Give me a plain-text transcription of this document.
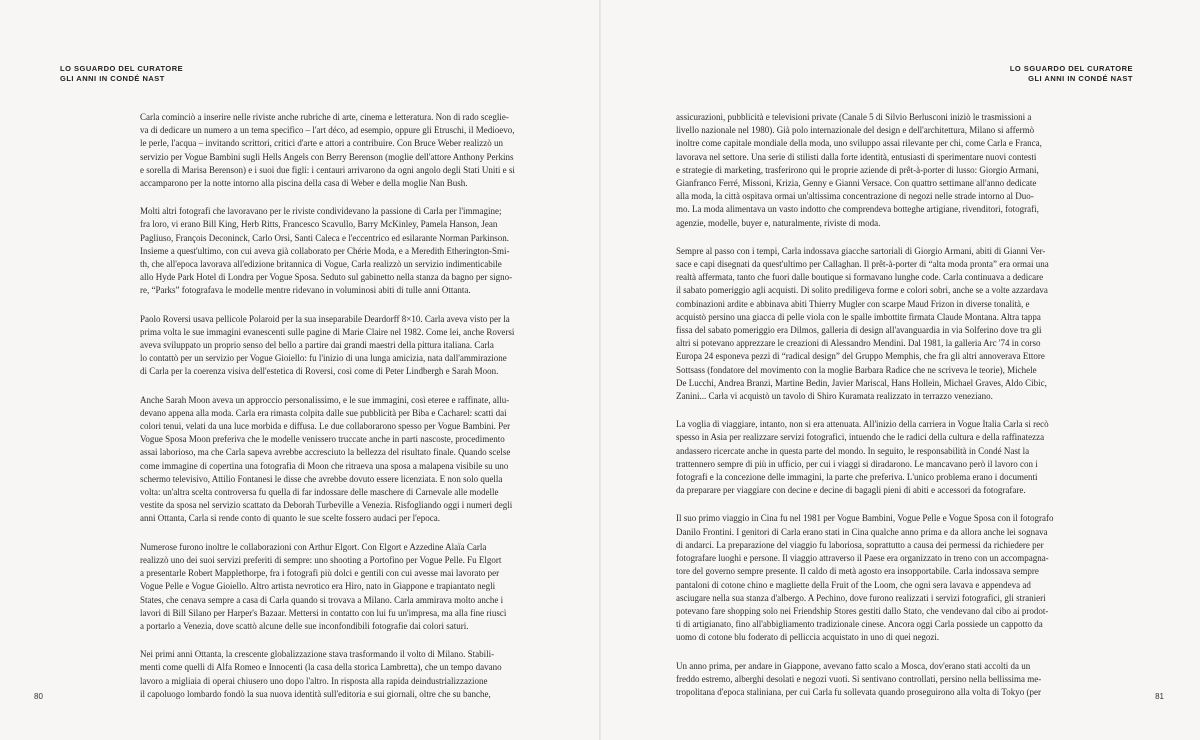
LO SGUARDO DEL CURATORE
GLI ANNI IN CONDÉ NAST

Carla cominciò a inserire nelle riviste anche rubriche di arte, cinema e letteratura. Non di rado sceglie-
va di dedicare un numero a un tema specifico – l'art déco, ad esempio, oppure gli Etruschi, il Medioevo,
le perle, l'acqua – invitando scrittori, critici d'arte e attori a contribuire. Con Bruce Weber realizzò un
servizio per Vogue Bambini sugli Hells Angels con Berry Berenson (moglie dell'attore Anthony Perkins
e sorella di Marisa Berenson) e i suoi due figli: i centauri arrivarono da ogni angolo degli Stati Uniti e si
accamparono per la notte intorno alla piscina della casa di Weber e della moglie Nan Bush.

Molti altri fotografi che lavoravano per le riviste condividevano la passione di Carla per l'immagine;
fra loro, vi erano Bill King, Herb Ritts, Francesco Scavullo, Barry McKinley, Pamela Hanson, Jean
Pagliuso, François Deconinck, Carlo Orsi, Santi Caleca e l'eccentrico ed esilarante Norman Parkinson.
Insieme a quest'ultimo, con cui aveva già collaborato per Chérie Moda, e a Meredith Etherington-Smi-
th, che all'epoca lavorava all'edizione britannica di Vogue, Carla realizzò un servizio indimenticabile
allo Hyde Park Hotel di Londra per Vogue Sposa. Seduto sul gabinetto nella stanza da bagno per signo-
re, “Parks” fotografava le modelle mentre ridevano in voluminosi abiti di tulle anni Ottanta.

Paolo Roversi usava pellicole Polaroid per la sua inseparabile Deardorff 8×10. Carla aveva visto per la
prima volta le sue immagini evanescenti sulle pagine di Marie Claire nel 1982. Come lei, anche Roversi
aveva sviluppato un proprio senso del bello a partire dai grandi maestri della pittura italiana. Carla
lo contattò per un servizio per Vogue Gioiello: fu l'inizio di una lunga amicizia, nata dall'ammirazione
di Carla per la coerenza visiva dell'estetica di Roversi, così come di Peter Lindbergh e Sarah Moon.

Anche Sarah Moon aveva un approccio personalissimo, e le sue immagini, così eteree e raffinate, allu-
devano appena alla moda. Carla era rimasta colpita dalle sue pubblicità per Biba e Cacharel: scatti dai
colori tenui, velati da una luce morbida e diffusa. Le due collaborarono spesso per Vogue Bambini. Per
Vogue Sposa Moon preferiva che le modelle venissero truccate anche in parti nascoste, procedimento
assai laborioso, ma che Carla sapeva avrebbe accresciuto la bellezza del risultato finale. Quando scelse
come immagine di copertina una fotografia di Moon che ritraeva una sposa a malapena visibile su uno
schermo televisivo, Attilio Fontanesi le disse che avrebbe dovuto essere licenziata. E non solo quella
volta: un'altra scelta controversa fu quella di far indossare delle maschere di Carnevale alle modelle
vestite da sposa nel servizio scattato da Deborah Turbeville a Venezia. Risfogliando oggi i numeri degli
anni Ottanta, Carla si rende conto di quanto le sue scelte fossero audaci per l'epoca.

Numerose furono inoltre le collaborazioni con Arthur Elgort. Con Elgort e Azzedine Alaïa Carla
realizzò uno dei suoi servizi preferiti di sempre: uno shooting a Portofino per Vogue Pelle. Fu Elgort
a presentarle Robert Mapplethorpe, fra i fotografi più dolci e gentili con cui avesse mai lavorato per
Vogue Pelle e Vogue Gioiello. Altro artista nevrotico era Hiro, nato in Giappone e trapiantato negli
States, che cenava sempre a casa di Carla quando si trovava a Milano. Carla ammirava molto anche i
lavori di Bill Silano per Harper's Bazaar. Mettersi in contatto con lui fu un'impresa, ma alla fine riuscì
a portarlo a Venezia, dove scattò alcune delle sue inconfondibili fotografie dai colori saturi.

Nei primi anni Ottanta, la crescente globalizzazione stava trasformando il volto di Milano. Stabili-
menti come quelli di Alfa Romeo e Innocenti (la casa della storica Lambretta), che un tempo davano
lavoro a migliaia di operai chiusero uno dopo l'altro. In risposta alla rapida deindustrializzazione
il capoluogo lombardo fondò la sua nuova identità sull'editoria e sui giornali, oltre che su banche,

80
LO SGUARDO DEL CURATORE
GLI ANNI IN CONDÉ NAST

assicurazioni, pubblicità e televisioni private (Canale 5 di Silvio Berlusconi iniziò le trasmissioni a
livello nazionale nel 1980). Già polo internazionale del design e dell'architettura, Milano si affermò
inoltre come capitale mondiale della moda, uno sviluppo assai rilevante per chi, come Carla e Franca,
lavorava nel settore. Una serie di stilisti dalla forte identità, entusiasti di sperimentare nuovi contesti
e strategie di marketing, trasferirono qui le proprie aziende di prêt-à-porter di lusso: Giorgio Armani,
Gianfranco Ferré, Missoni, Krizia, Genny e Gianni Versace. Con quattro settimane all'anno dedicate
alla moda, la città ospitava ormai un'altissima concentrazione di negozi nelle strade intorno al Duo-
mo. La moda alimentava un vasto indotto che comprendeva botteghe artigiane, rivenditori, fotografi,
agenzie, modelle, buyer e, naturalmente, riviste di moda.

Sempre al passo con i tempi, Carla indossava giacche sartoriali di Giorgio Armani, abiti di Gianni Ver-
sace e capi disegnati da quest'ultimo per Callaghan. Il prêt-à-porter di “alta moda pronta” era ormai una
realtà affermata, tanto che fuori dalle boutique si formavano lunghe code. Carla continuava a dedicare
il sabato pomeriggio agli acquisti. Di solito prediligeva forme e colori sobri, anche se a volte azzardava
combinazioni ardite e abbinava abiti Thierry Mugler con scarpe Maud Frizon in diverse tonalità, e
acquistò persino una giacca di pelle viola con le spalle imbottite firmata Claude Montana. Altra tappa
fissa del sabato pomeriggio era Dilmos, galleria di design all'avanguardia in via Solferino dove tra gli
altri si potevano apprezzare le creazioni di Alessandro Mendini. Dal 1981, la galleria Arc '74 in corso
Europa 24 esponeva pezzi di “radical design” del Gruppo Memphis, che fra gli altri annoverava Ettore
Sottsass (fondatore del movimento con la moglie Barbara Radice che ne scriveva le teorie), Michele
De Lucchi, Andrea Branzi, Martine Bedin, Javier Mariscal, Hans Hollein, Michael Graves, Aldo Cibic,
Zanini... Carla vi acquistò un tavolo di Shiro Kuramata realizzato in terrazzo veneziano.

La voglia di viaggiare, intanto, non si era attenuata. All'inizio della carriera in Vogue Italia Carla si recò
spesso in Asia per realizzare servizi fotografici, intuendo che le radici della cultura e della raffinatezza
andassero ricercate anche in questa parte del mondo. In seguito, le responsabilità in Condé Nast la
trattennero sempre di più in ufficio, per cui i viaggi si diradarono. Le mancavano però il lavoro con i
fotografi e la concezione delle immagini, la parte che preferiva. L'unico problema erano i documenti
da preparare per viaggiare con decine e decine di bagagli pieni di abiti e accessori da fotografare.

Il suo primo viaggio in Cina fu nel 1981 per Vogue Bambini, Vogue Pelle e Vogue Sposa con il fotografo
Danilo Frontini. I genitori di Carla erano stati in Cina qualche anno prima e da allora anche lei sognava
di andarci. La preparazione del viaggio fu laboriosa, soprattutto a causa dei permessi da richiedere per
fotografare luoghi e persone. Il viaggio attraverso il Paese era organizzato in treno con un accompagna-
tore del governo sempre presente. Il caldo di metà agosto era insopportabile. Carla indossava sempre
pantaloni di cotone chino e magliette della Fruit of the Loom, che ogni sera lavava e appendeva ad
asciugare nella sua stanza d'albergo. A Pechino, dove furono realizzati i servizi fotografici, gli stranieri
potevano fare shopping solo nei Friendship Stores gestiti dallo Stato, che vendevano dal cibo ai prodot-
ti di artigianato, fino all'abbigliamento tradizionale cinese. Ancora oggi Carla possiede un cappotto da
uomo di cotone blu foderato di pelliccia acquistato in uno di quei negozi.

Un anno prima, per andare in Giappone, avevano fatto scalo a Mosca, dov'erano stati accolti da un
freddo estremo, alberghi desolati e negozi vuoti. Si sentivano controllati, persino nella bellissima me-
tropolitana d'epoca staliniana, per cui Carla fu sollevata quando proseguirono alla volta di Tokyo (per	81
